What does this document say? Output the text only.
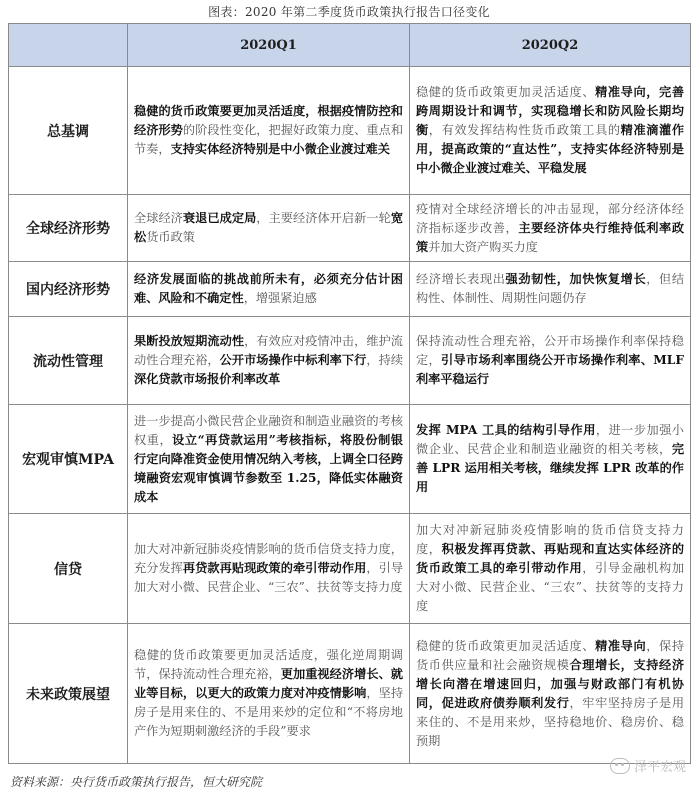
图表：2020 年第二季度货币政策执行报告口径变化
	2020Q1	2020Q2
总基调	稳健的货币政策要更加灵活适度，根据疫情防控和经济形势的阶段性变化，把握好政策力度、重点和节奏，支持实体经济特别是中小微企业渡过难关	稳健的货币政策更加灵活适度、精准导向，完善跨周期设计和调节，实现稳增长和防风险长期均衡，有效发挥结构性货币政策工具的精准滴灌作用，提高政策的“直达性”，支持实体经济特别是中小微企业渡过难关、平稳发展
全球经济形势	全球经济衰退已成定局，主要经济体开启新一轮宽松货币政策	疫情对全球经济增长的冲击显现，部分经济体经济指标逐步改善，主要经济体央行维持低利率政策并加大资产购买力度
国内经济形势	经济发展面临的挑战前所未有，必须充分估计困难、风险和不确定性，增强紧迫感	经济增长表现出强劲韧性，加快恢复增长，但结构性、体制性、周期性问题仍存
流动性管理	果断投放短期流动性，有效应对疫情冲击，维护流动性合理充裕，公开市场操作中标利率下行，持续深化贷款市场报价利率改革	保持流动性合理充裕，公开市场操作利率保持稳定，引导市场利率围绕公开市场操作利率、MLF 利率平稳运行
宏观审慎MPA	进一步提高小微民营企业融资和制造业融资的考核权重，设立“再贷款运用”考核指标，将股份制银行定向降准资金使用情况纳入考核，上调全口径跨境融资宏观审慎调节参数至 1.25，降低实体融资成本	发挥 MPA 工具的结构引导作用，进一步加强小微企业、民营企业和制造业融资的相关考核，完善 LPR 运用相关考核，继续发挥 LPR 改革的作用
信贷	加大对冲新冠肺炎疫情影响的货币信贷支持力度，充分发挥再贷款再贴现政策的牵引带动作用，引导加大对小微、民营企业、“三农”、扶贫等支持力度	加大对冲新冠肺炎疫情影响的货币信贷支持力度，积极发挥再贷款、再贴现和直达实体经济的货币政策工具的牵引带动作用，引导金融机构加大对小微、民营企业、“三农”、扶贫等的支持力度
未来政策展望	稳健的货币政策要更加灵活适度，强化逆周期调节，保持流动性合理充裕，更加重视经济增长、就业等目标，以更大的政策力度对冲疫情影响，坚持房子是用来住的、不是用来炒的定位和“不将房地产作为短期刺激经济的手段”要求	稳健的货币政策更加灵活适度、精准导向，保持货币供应量和社会融资规模合理增长，支持经济增长向潜在增速回归，加强与财政部门有机协同，促进政府债券顺利发行，牢牢坚持房子是用来住的、不是用来炒，坚持稳地价、稳房价、稳预期
资料来源：央行货币政策执行报告，恒大研究院
泽平宏观
